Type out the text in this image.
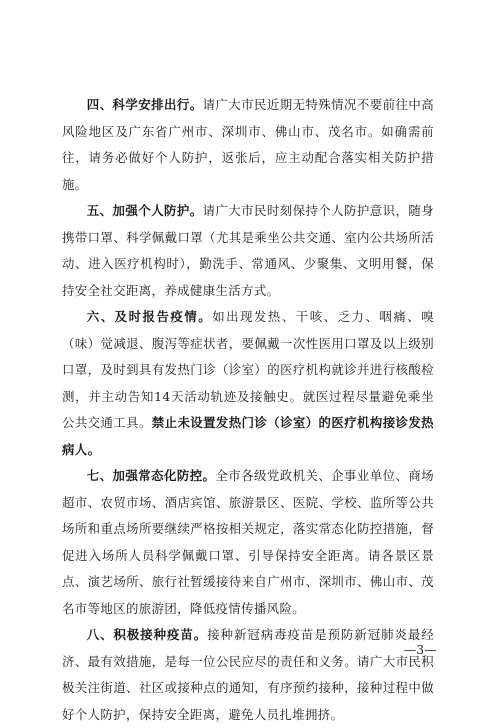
四、科学安排出行。请广大市民近期无特殊情况不要前往中高风险地区及广东省广州市、深圳市、佛山市、茂名市。如确需前往，请务必做好个人防护，返张后，应主动配合落实相关防护措施。

五、加强个人防护。请广大市民时刻保持个人防护意识，随身携带口罩、科学佩戴口罩（尤其是乘坐公共交通、室内公共场所活动、进入医疗机构时），勤洗手、常通风、少聚集、文明用餐，保持安全社交距离，养成健康生活方式。

六、及时报告疫情。如出现发热、干咳、乏力、咽痛、嗅（味）觉减退、腹泻等症状者，要佩戴一次性医用口罩及以上级别口罩，及时到具有发热门诊（诊室）的医疗机构就诊并进行核酸检测，并主动告知14天活动轨迹及接触史。就医过程尽量避免乘坐公共交通工具。禁止未设置发热门诊（诊室）的医疗机构接诊发热病人。

七、加强常态化防控。全市各级党政机关、企事业单位、商场超市、农贸市场、酒店宾馆、旅游景区、医院、学校、监所等公共场所和重点场所要继续严格按相关规定，落实常态化防控措施，督促进入场所人员科学佩戴口罩、引导保持安全距离。请各景区景点、演艺场所、旅行社暂缓接待来自广州市、深圳市、佛山市、茂名市等地区的旅游团，降低疫情传播风险。

八、积极接种疫苗。接种新冠病毒疫苗是预防新冠肺炎最经济、最有效措施，是每一位公民应尽的责任和义务。请广大市民积极关注街道、社区或接种点的通知，有序预约接种，接种过程中做好个人防护，保持安全距离，避免人员扎堆拥挤。

—3—
